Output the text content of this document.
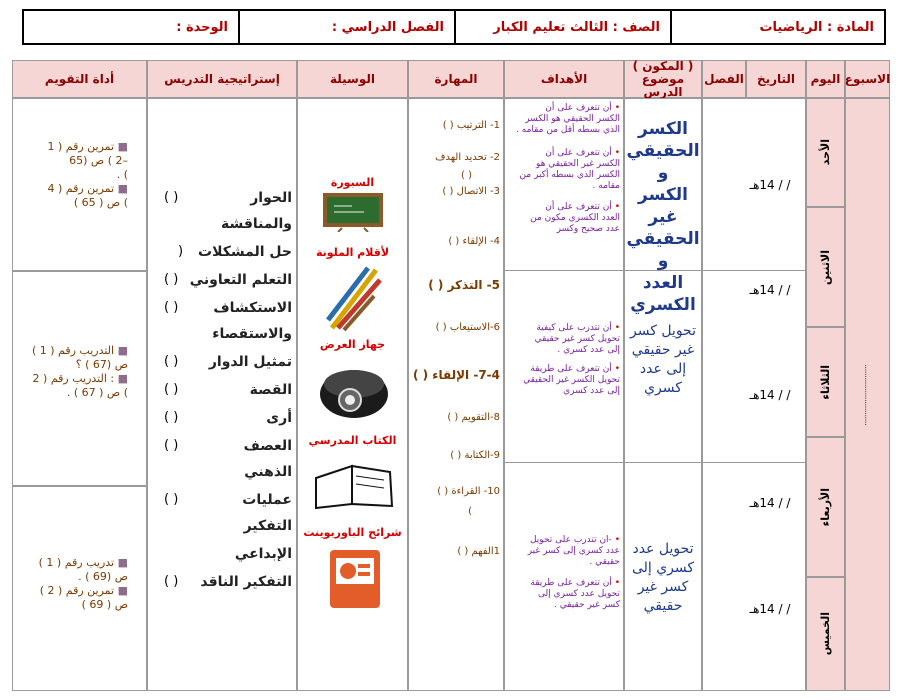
المادة : الرياضيات
الصف : الثالث تعليم الكبار
الفصل الدراسي :
الوحدة :
الاسبوع
اليوم
التاريخ
الفصل
( المكون )
موضوع الدرس
الأهداف
المهارة
الوسيلة
إستراتيجية التدريس
أداة التقويم
............................
الأحد
الاثنين
الثلاثاء
الأربعاء
الخميس
/ / 14هـ
/ / 14هـ
/ / 14هـ
/ / 14هـ
/ / 14هـ
الكسر
الحقيقي و
الكسر غير
الحقيقي و
العدد
الكسري
تحويل كسر
غير حقيقي
إلى عدد
كسري
تحويل عدد
كسري إلى
كسر غير
حقيقي
• أن تتعرف على أن
الكسر الحقيقي هو الكسر
الذي بسطه أقل من مقامه .
• أن تتعرف على أن
الكسر غير الحقيقي هو
الكسر الذي بسطه أكبر من
مقامه .
• أن تتعرف على أن
العدد الكسري مكون من
عدد صحيح وكسر
• أن تتدرب على كيفية
تحويل كسر غير حقيقي
إلى عدد كسري .
• أن تتعرف على طريقة
تحويل الكسر غير الحقيقي
إلى عدد كسري
• -ان تتدرب على تحويل
عدد كسري إلى كسر غير
حقيقي .
• أن تتعرف على طريقة
تحويل عدد كسري إلى
كسر غير حقيقي .
1- الترتيب ( )
2- تحديد الهدف
( )
3- الاتصال ( )
4- الإلقاء ( )
5- التذكر ( )
6-الاستيعاب ( )
7-4- الإلقاء ( )
8-التقويم ( )
9-الكتابة ( )
10- القراءة ( )
)
1الفهم ( )
السبورة
لأقلام الملونة
جهاز العرض
الكتاب المدرسي
شرائح الباوربوينت
الحوار
والمناقشة
حل المشكلات
التعلم التعاوني
الاستكشاف
والاستقصاء
تمثيل الدوار
القصة
أرى
العصف
الذهني
عمليات
التفكير
الإبداعي
التفكير الناقد
( )
(
( )
( )
( )
( )
( )
( )
( )
( )
■ تمرين رقم ( 1
–2 ) ص (65
) .
■ تمرين رقم ( 4
) ص ( 65 )
■ التدريب رقم ( 1 )
ص (67 ) ؟
■ : التدريب رقم ( 2
) ص ( 67 ) .
■ تدريب رقم ( 1 )
ص (69 ) .
■ تمرين رقم ( 2 )
ص ( 69 )
